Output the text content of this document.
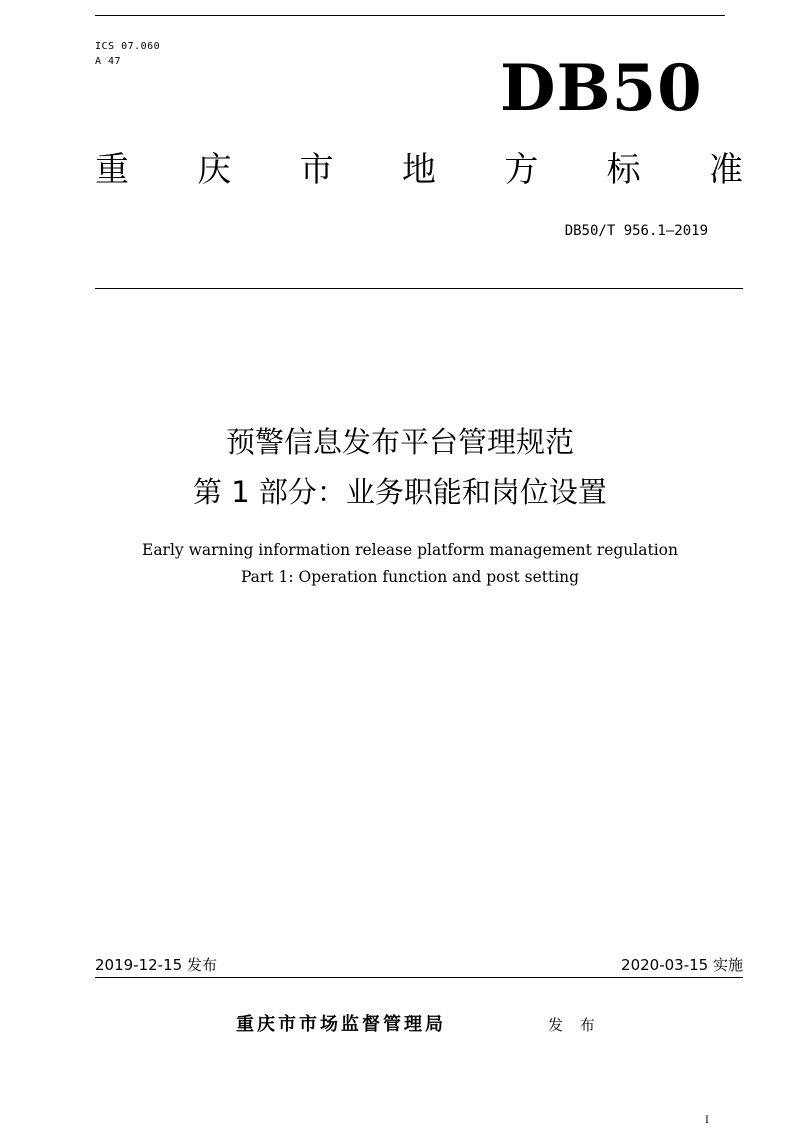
ICS 07.060
A 47	DB50
重 庆 市 地 方 标 准
DB50/T 956.1—2019
预警信息发布平台管理规范
第 1 部分：业务职能和岗位设置
Early warning information release platform management regulation
Part 1: Operation function and post setting
2019-12-15 发布	2020-03-15 实施
重庆市市场监督管理局	发 布
I
